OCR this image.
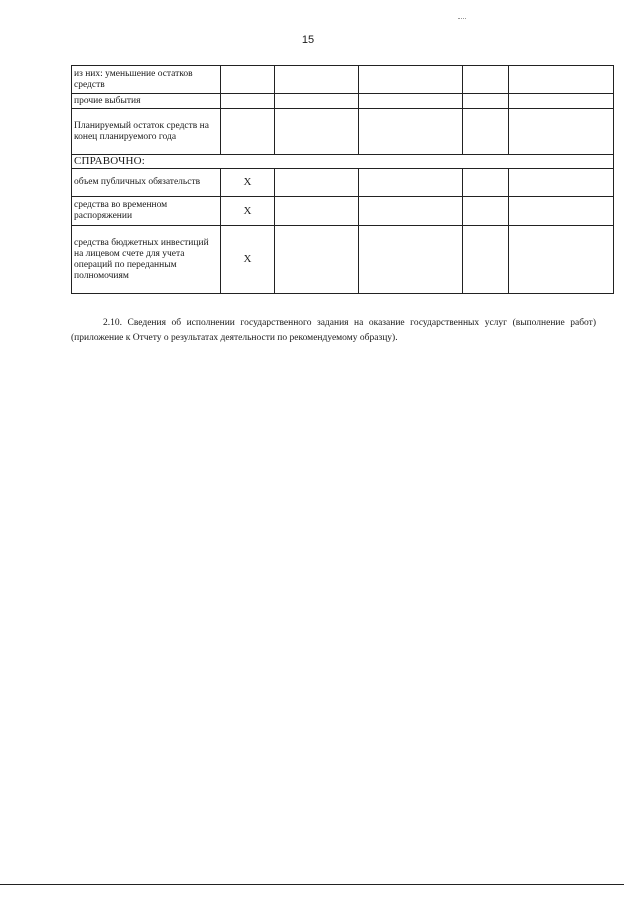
15
из них: уменьшение остатков средств					
прочие выбытия					
Планируемый остаток средств на конец планируемого года					
СПРАВОЧНО:					
объем публичных обязательств	X				
средства во временном распоряжении	X				
средства бюджетных инвестиций на лицевом счете для учета операций по переданным полномочиям	X				

2.10. Сведения об исполнении государственного задания на оказание государственных услуг (выполнение работ) (приложение к Отчету о результатах деятельности по рекомендуемому образцу).
